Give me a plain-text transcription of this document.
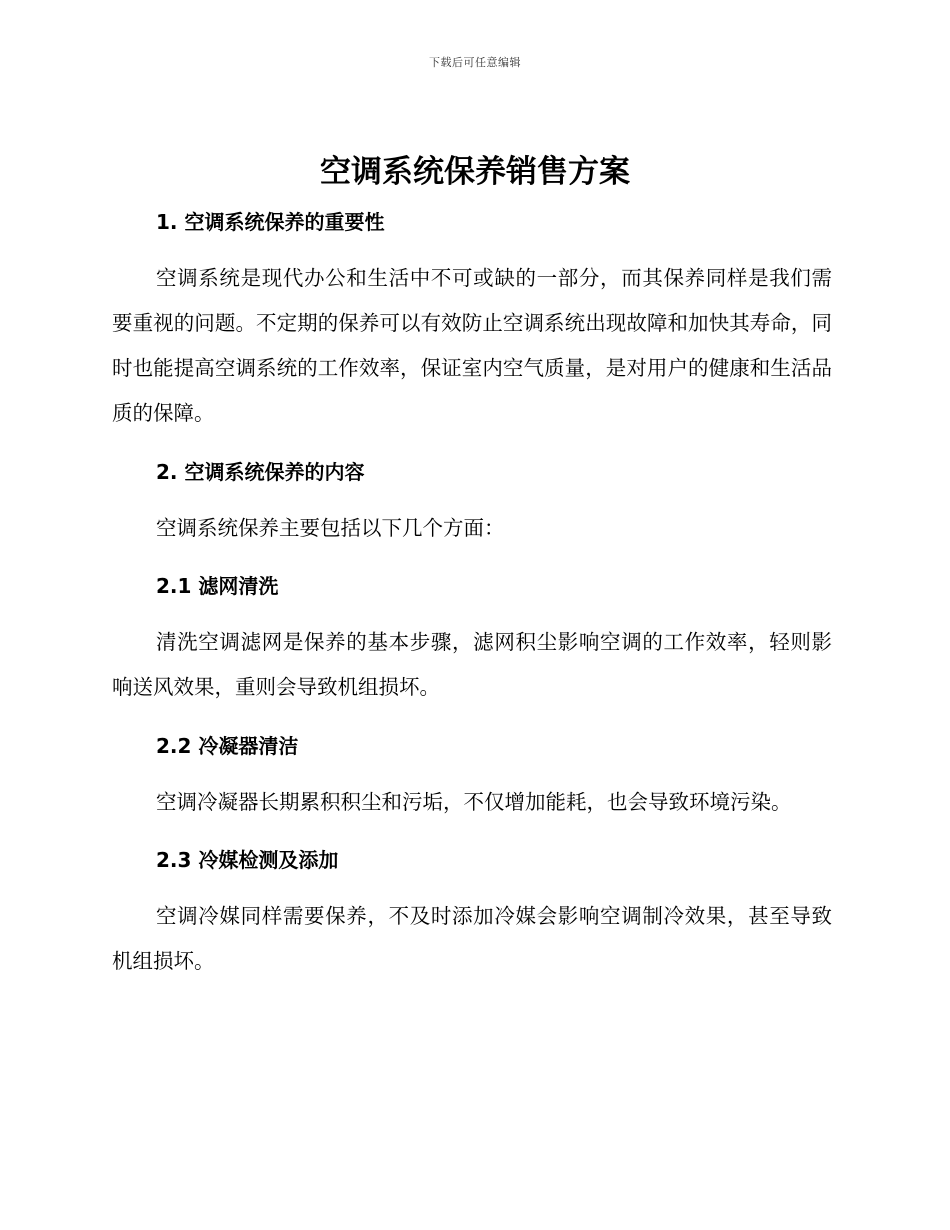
下载后可任意编辑
空调系统保养销售方案
1. 空调系统保养的重要性

空调系统是现代办公和生活中不可或缺的一部分，而其保养同样是我们需要重视的问题。不定期的保养可以有效防止空调系统出现故障和加快其寿命，同时也能提高空调系统的工作效率，保证室内空气质量，是对用户的健康和生活品质的保障。

2. 空调系统保养的内容

空调系统保养主要包括以下几个方面：

2.1 滤网清洗

清洗空调滤网是保养的基本步骤，滤网积尘影响空调的工作效率，轻则影响送风效果，重则会导致机组损坏。

2.2 冷凝器清洁

空调冷凝器长期累积积尘和污垢，不仅增加能耗，也会导致环境污染。

2.3 冷媒检测及添加

空调冷媒同样需要保养，不及时添加冷媒会影响空调制冷效果，甚至导致机组损坏。
